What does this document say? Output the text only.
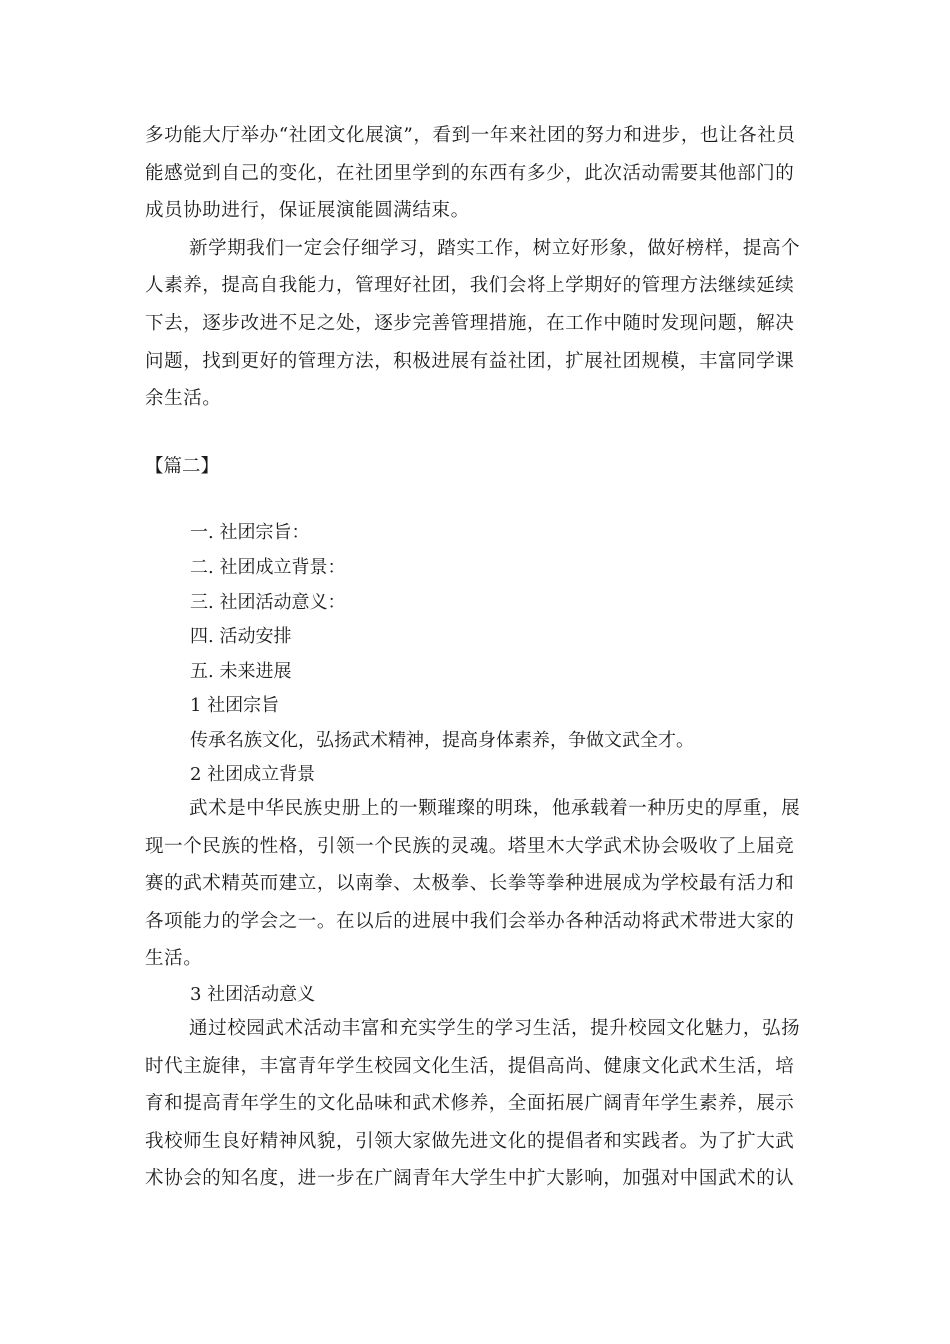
多功能大厅举办“社团文化展演”，看到一年来社团的努力和进步，也让各社员能感觉到自己的变化，在社团里学到的东西有多少，此次活动需要其他部门的成员协助进行，保证展演能圆满结束。

新学期我们一定会仔细学习，踏实工作，树立好形象，做好榜样，提高个人素养，提高自我能力，管理好社团，我们会将上学期好的管理方法继续延续下去，逐步改进不足之处，逐步完善管理措施，在工作中随时发现问题，解决问题，找到更好的管理方法，积极进展有益社团，扩展社团规模，丰富同学课余生活。

【篇二】
一. 社团宗旨：
二. 社团成立背景：
三. 社团活动意义：
四. 活动安排
五. 未来进展
1 社团宗旨
传承名族文化，弘扬武术精神，提高身体素养，争做文武全才。
2 社团成立背景

武术是中华民族史册上的一颗璀璨的明珠，他承载着一种历史的厚重，展现一个民族的性格，引领一个民族的灵魂。塔里木大学武术协会吸收了上届竞赛的武术精英而建立，以南拳、太极拳、长拳等拳种进展成为学校最有活力和各项能力的学会之一。在以后的进展中我们会举办各种活动将武术带进大家的生活。

3 社团活动意义

通过校园武术活动丰富和充实学生的学习生活，提升校园文化魅力，弘扬时代主旋律，丰富青年学生校园文化生活，提倡高尚、健康文化武术生活，培育和提高青年学生的文化品味和武术修养，全面拓展广阔青年学生素养，展示我校师生良好精神风貌，引领大家做先进文化的提倡者和实践者。为了扩大武术协会的知名度，进一步在广阔青年大学生中扩大影响，加强对中国武术的认
